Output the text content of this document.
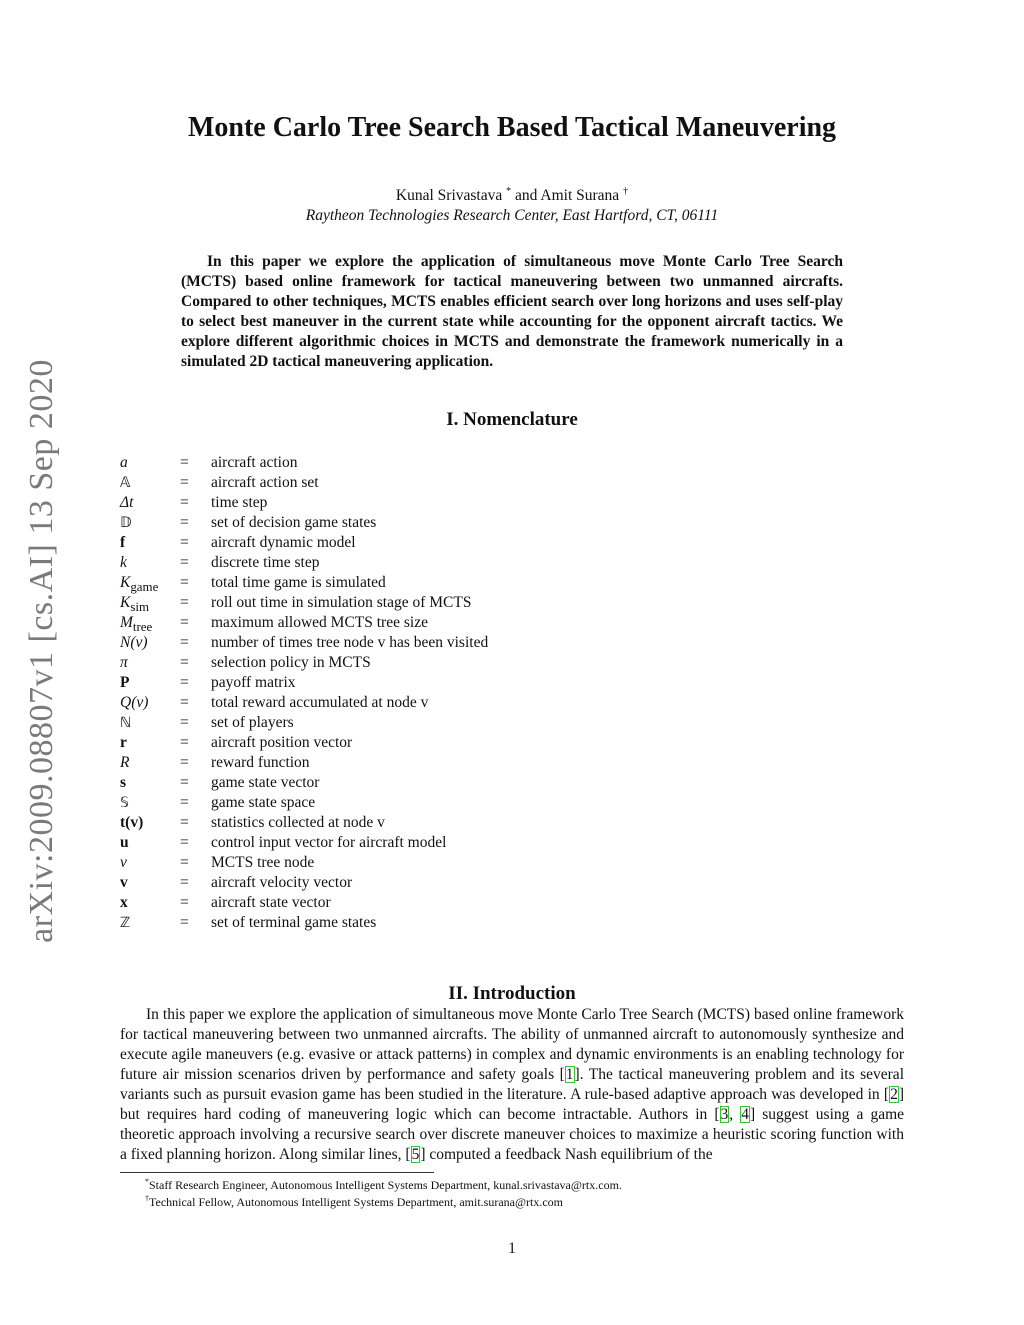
arXiv:2009.08807v1 [cs.AI] 13 Sep 2020
Monte Carlo Tree Search Based Tactical Maneuvering
Kunal Srivastava * and Amit Surana †
Raytheon Technologies Research Center, East Hartford, CT, 06111

In this paper we explore the application of simultaneous move Monte Carlo Tree Search (MCTS) based online framework for tactical maneuvering between two unmanned aircrafts. Compared to other techniques, MCTS enables efficient search over long horizons and uses self-play to select best maneuver in the current state while accounting for the opponent aircraft tactics. We explore different algorithmic choices in MCTS and demonstrate the framework numerically in a simulated 2D tactical maneuvering application.

I. Nomenclature
a	=	aircraft action
𝔸	=	aircraft action set
Δt	=	time step
𝔻	=	set of decision game states
f	=	aircraft dynamic model
k	=	discrete time step
$K_{game}$	=	total time game is simulated
$K_{sim}$	=	roll out time in simulation stage of MCTS
$M_{tree}$	=	maximum allowed MCTS tree size
N(v)	=	number of times tree node v has been visited
π	=	selection policy in MCTS
P	=	payoff matrix
Q(v)	=	total reward accumulated at node v
ℕ	=	set of players
r	=	aircraft position vector
R	=	reward function
s	=	game state vector
𝕊	=	game state space
t(v)	=	statistics collected at node v
u	=	control input vector for aircraft model
v	=	MCTS tree node
v	=	aircraft velocity vector
x	=	aircraft state vector
ℤ	=	set of terminal game states
II. Introduction

In this paper we explore the application of simultaneous move Monte Carlo Tree Search (MCTS) based online framework for tactical maneuvering between two unmanned aircrafts. The ability of unmanned aircraft to autonomously synthesize and execute agile maneuvers (e.g. evasive or attack patterns) in complex and dynamic environments is an enabling technology for future air mission scenarios driven by performance and safety goals [1]. The tactical maneuvering problem and its several variants such as pursuit evasion game has been studied in the literature. A rule-based adaptive approach was developed in [2] but requires hard coding of maneuvering logic which can become intractable. Authors in [3, 4] suggest using a game theoretic approach involving a recursive search over discrete maneuver choices to maximize a heuristic scoring function with a fixed planning horizon. Along similar lines, [5] computed a feedback Nash equilibrium of the

*Staff Research Engineer, Autonomous Intelligent Systems Department, kunal.srivastava@rtx.com.
†Technical Fellow, Autonomous Intelligent Systems Department, amit.surana@rtx.com
1
